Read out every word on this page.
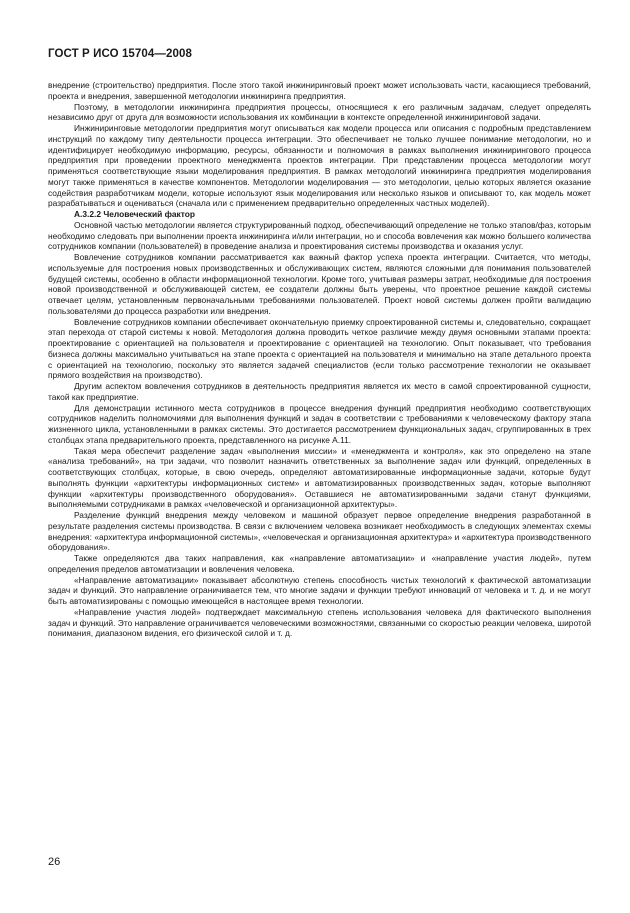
ГОСТ Р ИСО 15704—2008

внедрение (строительство) предприятия. После этого такой инжиниринговый проект может использовать части, касающиеся требований, проекта и внедрения, завершенной методологии инжиниринга предприятия.

Поэтому, в методологии инжиниринга предприятия процессы, относящиеся к его различным задачам, следует определять независимо друг от друга для возможности использования их комбинации в контексте определенной инжиниринговой задачи.

Инжиниринговые методологии предприятия могут описываться как модели процесса или описания с подробным представлением инструкций по каждому типу деятельности процесса интеграции. Это обеспечивает не только лучшее понимание методологии, но и идентифицирует необходимую информацию, ресурсы, обязанности и полномочия в рамках выполнения инжинирингового процесса предприятия при проведении проектного менеджмента проектов интеграции. При представлении процесса методологии могут применяться соответствующие языки моделирования предприятия. В рамках методологий инжиниринга предприятия моделирования могут также применяться в качестве компонентов. Методологии моделирования — это методологии, целью которых является оказание содействия разработчикам модели, которые используют язык моделирования или несколько языков и описывают то, как модель может разрабатываться и оцениваться (сначала или с применением предварительно определенных частных моделей).

A.3.2.2 Человеческий фактор

Основной частью методологии является структурированный подход, обеспечивающий определение не только этапов/фаз, которым необходимо следовать при выполнении проекта инжиниринга и/или интеграции, но и способа вовлечения как можно большего количества сотрудников компании (пользователей) в проведение анализа и проектирования системы производства и оказания услуг.

Вовлечение сотрудников компании рассматривается как важный фактор успеха проекта интеграции. Считается, что методы, используемые для построения новых производственных и обслуживающих систем, являются сложными для понимания пользователей будущей системы, особенно в области информационной технологии. Кроме того, учитывая размеры затрат, необходимые для построения новой производственной и обслуживающей систем, ее создатели должны быть уверены, что проектное решение каждой системы отвечает целям, установленным первоначальными требованиями пользователей. Проект новой системы должен пройти валидацию пользователями до процесса разработки или внедрения.

Вовлечение сотрудников компании обеспечивает окончательную приемку спроектированной системы и, следовательно, сокращает этап перехода от старой системы к новой. Методология должна проводить четкое различие между двумя основными этапами проекта: проектирование с ориентацией на пользователя и проектирование с ориентацией на технологию. Опыт показывает, что требования бизнеса должны максимально учитываться на этапе проекта с ориентацией на пользователя и минимально на этапе детального проекта с ориентацией на технологию, поскольку это является задачей специалистов (если только рассмотрение технологии не оказывает прямого воздействия на производство).

Другим аспектом вовлечения сотрудников в деятельность предприятия является их место в самой спроектированной сущности, такой как предприятие.

Для демонстрации истинного места сотрудников в процессе внедрения функций предприятия необходимо соответствующих сотрудников наделить полномочиями для выполнения функций и задач в соответствии с требованиями к человеческому фактору этапа жизненного цикла, установленными в рамках системы. Это достигается рассмотрением функциональных задач, сгруппированных в трех столбцах этапа предварительного проекта, представленного на рисунке А.11.

Такая мера обеспечит разделение задач «выполнения миссии» и «менеджмента и контроля», как это определено на этапе «анализа требований», на три задачи, что позволит назначить ответственных за выполнение задач или функций, определенных в соответствующих столбцах, которые, в свою очередь, определяют автоматизированные информационные задачи, которые будут выполнять функции «архитектуры информационных систем» и автоматизированных производственных задач, которые выполняют функции «архитектуры производственного оборудования». Оставшиеся не автоматизированными задачи станут функциями, выполняемыми сотрудниками в рамках «человеческой и организационной архитектуры».

Разделение функций внедрения между человеком и машиной образует первое определение внедрения разработанной в результате разделения системы производства. В связи с включением человека возникает необходимость в следующих элементах схемы внедрения: «архитектура информационной системы», «человеческая и организационная архитектура» и «архитектура производственного оборудования».

Также определяются два таких направления, как «направление автоматизации» и «направление участия людей», путем определения пределов автоматизации и вовлечения человека.

«Направление автоматизации» показывает абсолютную степень способность чистых технологий к фактической автоматизации задач и функций. Это направление ограничивается тем, что многие задачи и функции требуют инноваций от человека и т. д. и не могут быть автоматизированы с помощью имеющейся в настоящее время технологии.

«Направление участия людей» подтверждает максимальную степень использования человека для фактического выполнения задач и функций. Это направление ограничивается человеческими возможностями, связанными со скоростью реакции человека, широтой понимания, диапазоном видения, его физической силой и т. д.

26
